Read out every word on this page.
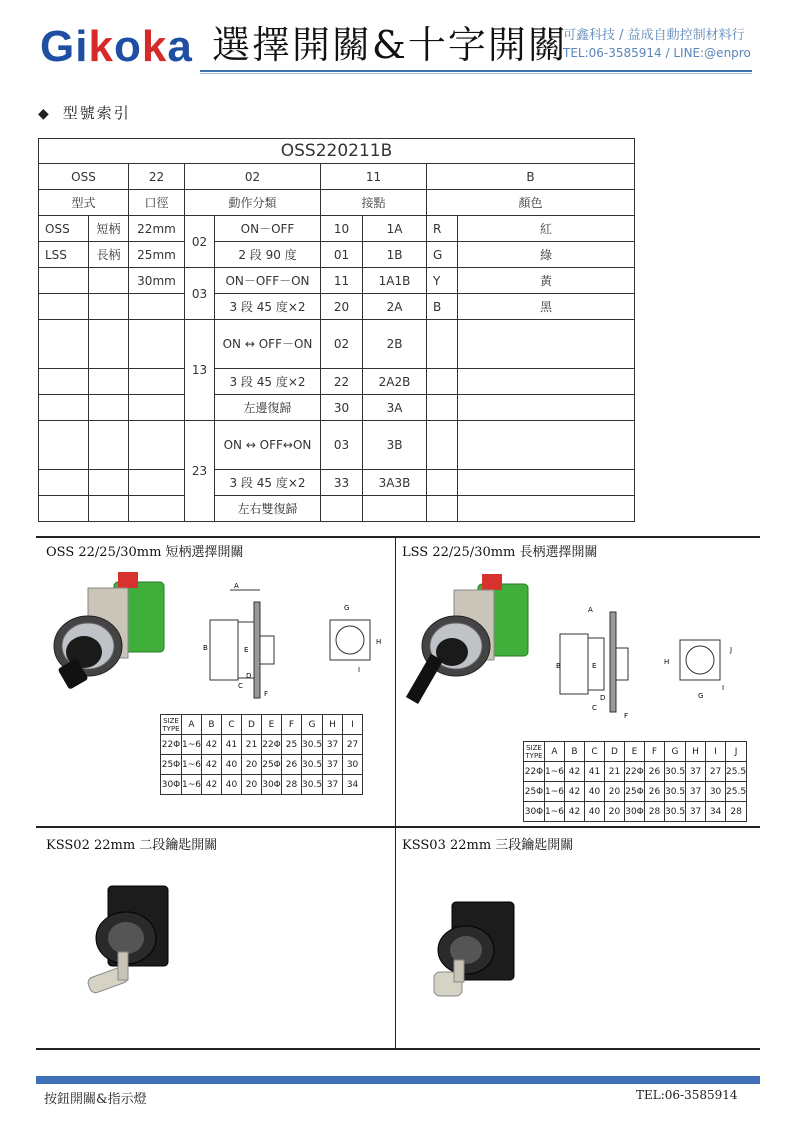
Gikoka 選擇開關&十字開關
可鑫科技 / 益成自動控制材料行
TEL:06-3585914 / LINE:@enpro
◆ 型號索引
OSS220211B								
OSS		22	02		11		B	
型式		口徑	動作分類		接點		顏色	
OSS	短柄	22mm	02	ON－OFF	10	1A	R	紅
LSS	長柄	25mm		2 段 90 度	01	1B	G	綠
		30mm	03	ON－OFF－ON	11	1A1B	Y	黃
				3 段 45 度×2	20	2A	B	黑
			13	ON ↔ OFF－ON	02	2B		
				3 段 45 度×2	22	2A2B		
				左邊復歸	30	3A		
			23	ON ↔ OFF↔ON	03	3B		
				3 段 45 度×2	33	3A3B		
				左右雙復歸				
OSS 22/25/30mm 短柄選擇開關	LSS 22/25/30mm 長柄選擇開關
KSS02 22mm 二段鑰匙開關	KSS03 22mm 三段鑰匙開關
A
B
C
D
E
F
G
H
I
SIZE
TYPE	A	B	C	D	E	F	G	H	I
22Φ	1~6	42	41	21	22Φ	25	30.5	37	27
25Φ	1~6	42	40	20	25Φ	26	30.5	37	30
30Φ	1~6	42	40	20	30Φ	28	30.5	37	34
A
B
C
D
E
F
G
H
I
J
SIZE
TYPE	A	B	C	D	E	F	G	H	I	J
22Φ	1~6	42	41	21	22Φ	26	30.5	37	27	25.5
25Φ	1~6	42	40	20	25Φ	26	30.5	37	30	25.5
30Φ	1~6	42	40	20	30Φ	28	30.5	37	34	28
按鈕開關&指示燈	TEL:06-3585914
